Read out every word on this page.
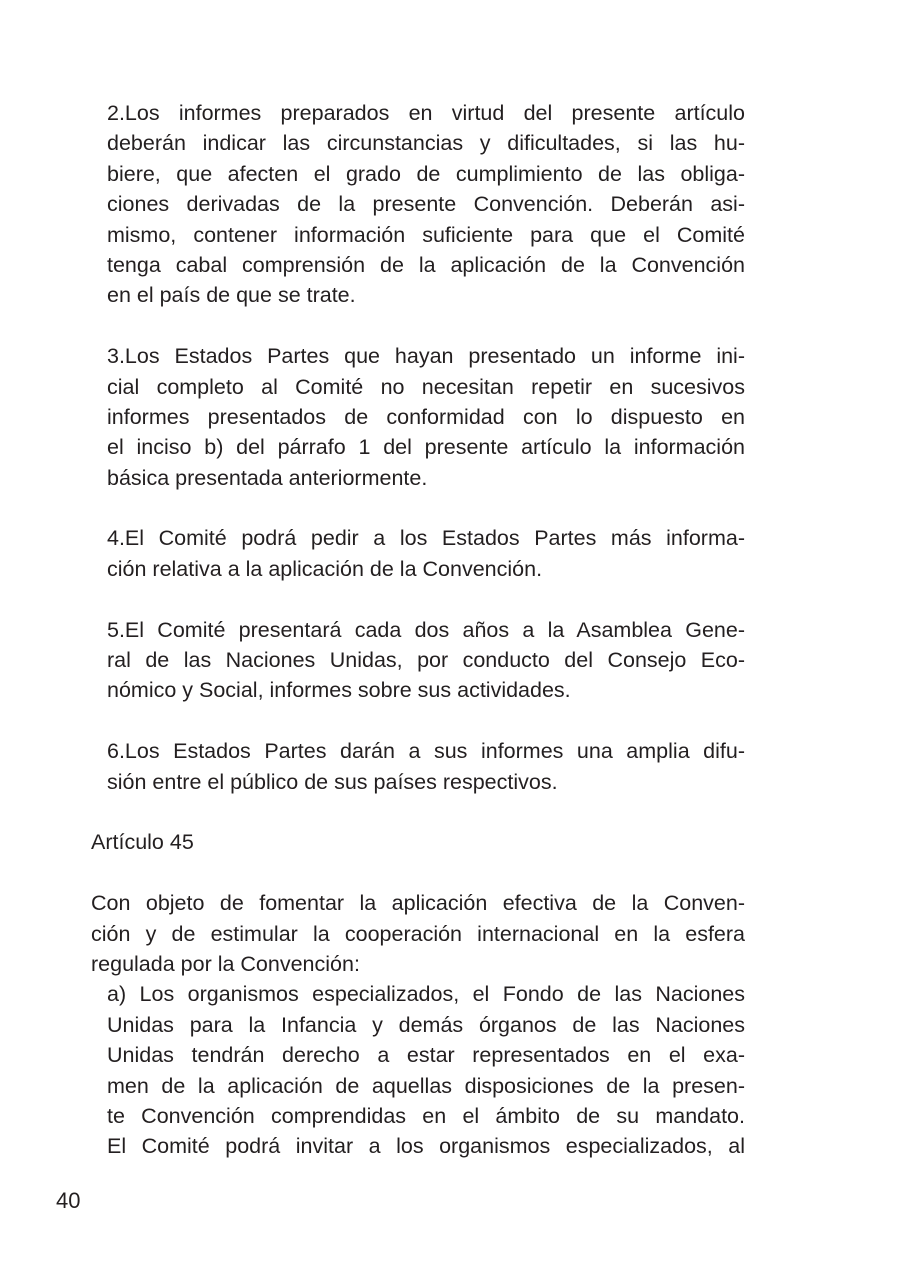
2.Los informes preparados en virtud del presente artículo
deberán indicar las circunstancias y dificultades, si las hu-
biere, que afecten el grado de cumplimiento de las obliga-
ciones derivadas de la presente Convención. Deberán asi-
mismo, contener información suficiente para que el Comité
tenga cabal comprensión de la aplicación de la Convención
en el país de que se trate.
3.Los Estados Partes que hayan presentado un informe ini-
cial completo al Comité no necesitan repetir en sucesivos
informes presentados de conformidad con lo dispuesto en
el inciso b) del párrafo 1 del presente artículo la información
básica presentada anteriormente.
4.El Comité podrá pedir a los Estados Partes más informa-
ción relativa a la aplicación de la Convención.
5.El Comité presentará cada dos años a la Asamblea Gene-
ral de las Naciones Unidas, por conducto del Consejo Eco-
nómico y Social, informes sobre sus actividades.
6.Los Estados Partes darán a sus informes una amplia difu-
sión entre el público de sus países respectivos.
Artículo 45
Con objeto de fomentar la aplicación efectiva de la Conven-
ción y de estimular la cooperación internacional en la esfera
regulada por la Convención:
a) Los organismos especializados, el Fondo de las Naciones
Unidas para la Infancia y demás órganos de las Naciones
Unidas tendrán derecho a estar representados en el exa-
men de la aplicación de aquellas disposiciones de la presen-
te Convención comprendidas en el ámbito de su mandato.
El Comité podrá invitar a los organismos especializados, al
40
